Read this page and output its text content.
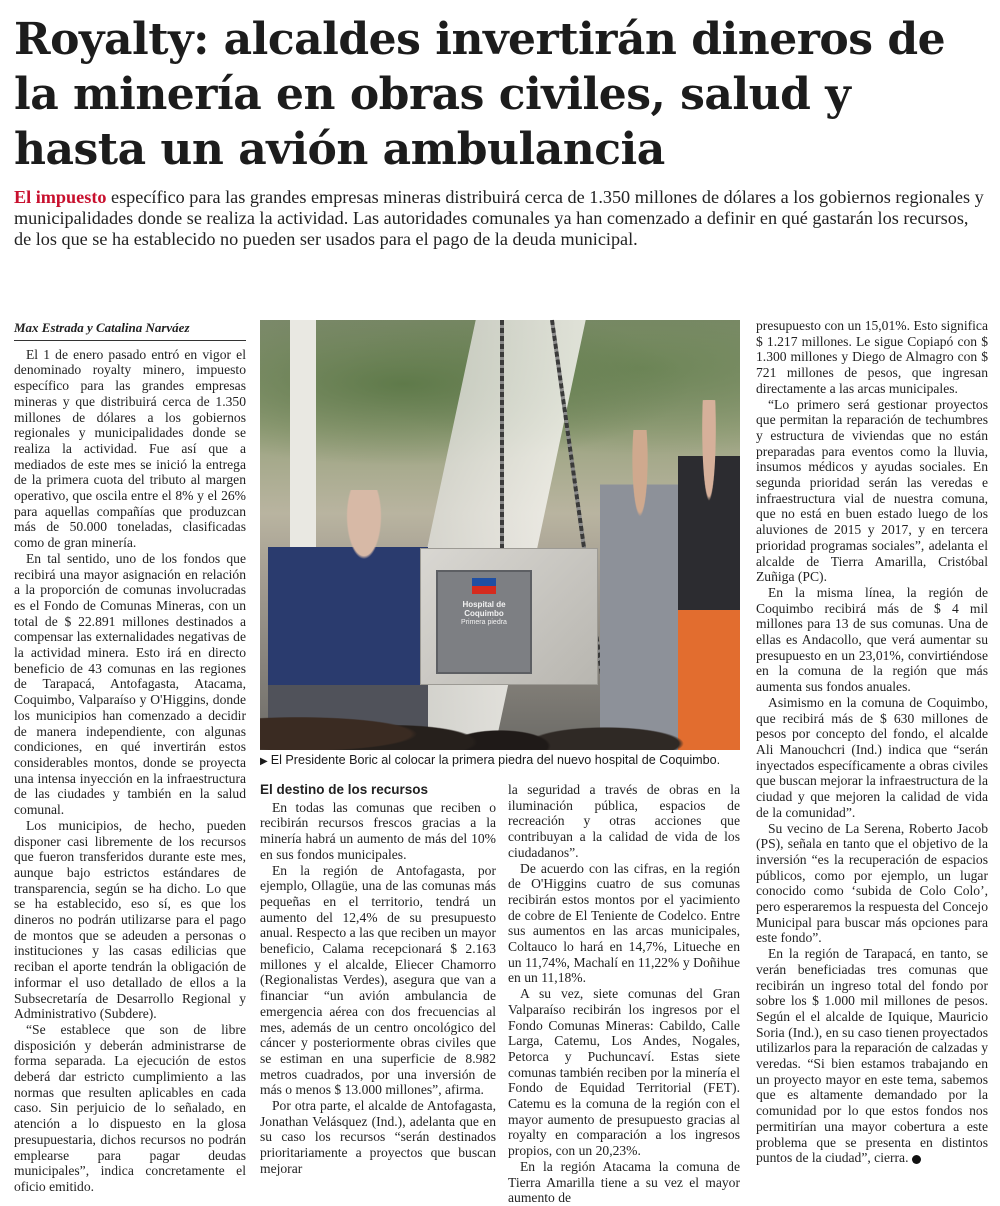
Royalty: alcaldes invertirán dineros de la minería en obras civiles, salud y hasta un avión ambulancia

El impuesto específico para las grandes empresas mineras distribuirá cerca de 1.350 millones de dólares a los gobiernos regionales y municipalidades donde se realiza la actividad. Las autoridades comunales ya han comenzado a definir en qué gastarán los recursos, de los que se ha establecido no pueden ser usados para el pago de la deuda municipal.

Max Estrada y Catalina Narváez

El 1 de enero pasado entró en vigor el denominado royalty minero, impuesto específico para las grandes empresas mineras y que distribuirá cerca de 1.350 millones de dólares a los gobiernos regionales y municipalidades donde se realiza la actividad. Fue así que a mediados de este mes se inició la entrega de la primera cuota del tributo al margen operativo, que oscila entre el 8% y el 26% para aquellas compañías que produzcan más de 50.000 toneladas, clasificadas como de gran minería.

En tal sentido, uno de los fondos que recibirá una mayor asignación en relación a la proporción de comunas involucradas es el Fondo de Comunas Mineras, con un total de $ 22.891 millones destinados a compensar las externalidades negativas de la actividad minera. Esto irá en directo beneficio de 43 comunas en las regiones de Tarapacá, Antofagasta, Atacama, Coquimbo, Valparaíso y O'Higgins, donde los municipios han comenzado a decidir de manera independiente, con algunas condiciones, en qué invertirán estos considerables montos, donde se proyecta una intensa inyección en la infraestructura de las ciudades y también en la salud comunal.

Los municipios, de hecho, pueden disponer casi libremente de los recursos que fueron transferidos durante este mes, aunque bajo estrictos estándares de transparencia, según se ha dicho. Lo que se ha establecido, eso sí, es que los dineros no podrán utilizarse para el pago de montos que se adeuden a personas o instituciones y las casas edilicias que reciban el aporte tendrán la obligación de informar el uso detallado de ellos a la Subsecretaría de Desarrollo Regional y Administrativo (Subdere).

“Se establece que son de libre disposición y deberán administrarse de forma separada. La ejecución de estos deberá dar estricto cumplimiento a las normas que resulten aplicables en cada caso. Sin perjuicio de lo señalado, en atención a lo dispuesto en la glosa presupuestaria, dichos recursos no podrán emplearse para pagar deudas municipales”, indica concretamente el oficio emitido.

Hospital de Coquimbo
Primera piedra

▶ El Presidente Boric al colocar la primera piedra del nuevo hospital de Coquimbo.

El destino de los recursos

En todas las comunas que reciben o recibirán recursos frescos gracias a la minería habrá un aumento de más del 10% en sus fondos municipales.

En la región de Antofagasta, por ejemplo, Ollagüe, una de las comunas más pequeñas en el territorio, tendrá un aumento del 12,4% de su presupuesto anual. Respecto a las que reciben un mayor beneficio, Calama recepcionará $ 2.163 millones y el alcalde, Eliecer Chamorro (Regionalistas Verdes), asegura que van a financiar “un avión ambulancia de emergencia aérea con dos frecuencias al mes, además de un centro oncológico del cáncer y posteriormente obras civiles que se estiman en una superficie de 8.982 metros cuadrados, por una inversión de más o menos $ 13.000 millones”, afirma.

Por otra parte, el alcalde de Antofagasta, Jonathan Velásquez (Ind.), adelanta que en su caso los recursos “serán destinados prioritariamente a proyectos que buscan mejorar

la seguridad a través de obras en la iluminación pública, espacios de recreación y otras acciones que contribuyan a la calidad de vida de los ciudadanos”.

De acuerdo con las cifras, en la región de O'Higgins cuatro de sus comunas recibirán estos montos por el yacimiento de cobre de El Teniente de Codelco. Entre sus aumentos en las arcas municipales, Coltauco lo hará en 14,7%, Litueche en un 11,74%, Machalí en 11,22% y Doñihue en un 11,18%.

A su vez, siete comunas del Gran Valparaíso recibirán los ingresos por el Fondo Comunas Mineras: Cabildo, Calle Larga, Catemu, Los Andes, Nogales, Petorca y Puchuncaví. Estas siete comunas también reciben por la minería el Fondo de Equidad Territorial (FET). Catemu es la comuna de la región con el mayor aumento de presupuesto gracias al royalty en comparación a los ingresos propios, con un 20,23%.

En la región Atacama la comuna de Tierra Amarilla tiene a su vez el mayor aumento de

presupuesto con un 15,01%. Esto significa $ 1.217 millones. Le sigue Copiapó con $ 1.300 millones y Diego de Almagro con $ 721 millones de pesos, que ingresan directamente a las arcas municipales.

“Lo primero será gestionar proyectos que permitan la reparación de techumbres y estructura de viviendas que no están preparadas para eventos como la lluvia, insumos médicos y ayudas sociales. En segunda prioridad serán las veredas e infraestructura vial de nuestra comuna, que no está en buen estado luego de los aluviones de 2015 y 2017, y en tercera prioridad programas sociales”, adelanta el alcalde de Tierra Amarilla, Cristóbal Zuñiga (PC).

En la misma línea, la región de Coquimbo recibirá más de $ 4 mil millones para 13 de sus comunas. Una de ellas es Andacollo, que verá aumentar su presupuesto en un 23,01%, convirtiéndose en la comuna de la región que más aumenta sus fondos anuales.

Asimismo en la comuna de Coquimbo, que recibirá más de $ 630 millones de pesos por concepto del fondo, el alcalde Ali Manouchcri (Ind.) indica que “serán inyectados específicamente a obras civiles que buscan mejorar la infraestructura de la ciudad y que mejoren la calidad de vida de la comunidad”.

Su vecino de La Serena, Roberto Jacob (PS), señala en tanto que el objetivo de la inversión “es la recuperación de espacios públicos, como por ejemplo, un lugar conocido como ‘subida de Colo Colo’, pero esperaremos la respuesta del Concejo Municipal para buscar más opciones para este fondo”.

En la región de Tarapacá, en tanto, se verán beneficiadas tres comunas que recibirán un ingreso total del fondo por sobre los $ 1.000 mil millones de pesos. Según el el alcalde de Iquique, Mauricio Soria (Ind.), en su caso tienen proyectados utilizarlos para la reparación de calzadas y veredas. “Si bien estamos trabajando en un proyecto mayor en este tema, sabemos que es altamente demandado por la comunidad por lo que estos fondos nos permitirían una mayor cobertura a este problema que se presenta en distintos puntos de la ciudad”, cierra.
